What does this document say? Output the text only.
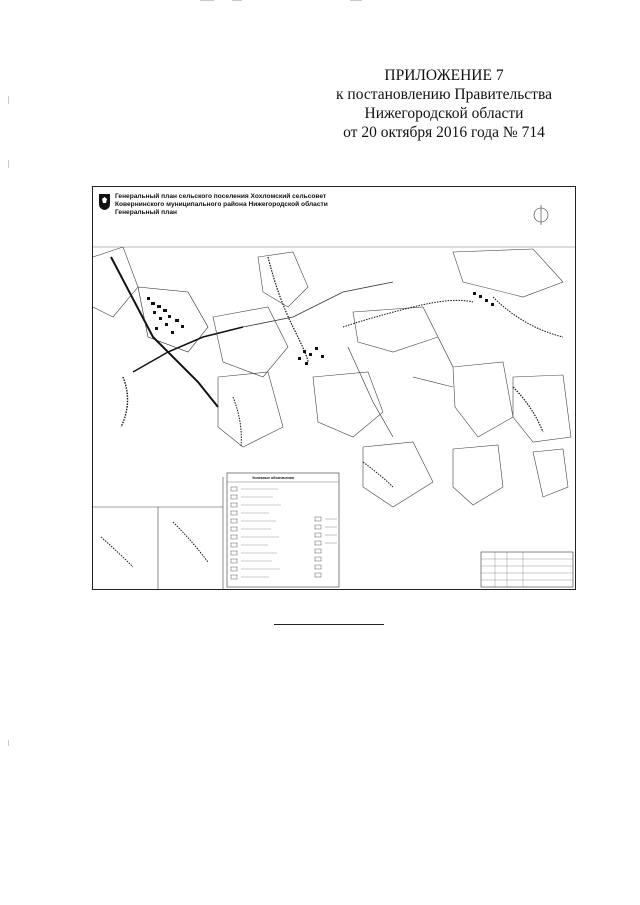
ПРИЛОЖЕНИЕ 7
к постановлению Правительства
Нижегородской области
от 20 октября 2016 года № 714
Генеральный план сельского поселения Хохломский сельсовет
Ковернинского муниципального района Нижегородской области
Генеральный план
Условные обозначения
